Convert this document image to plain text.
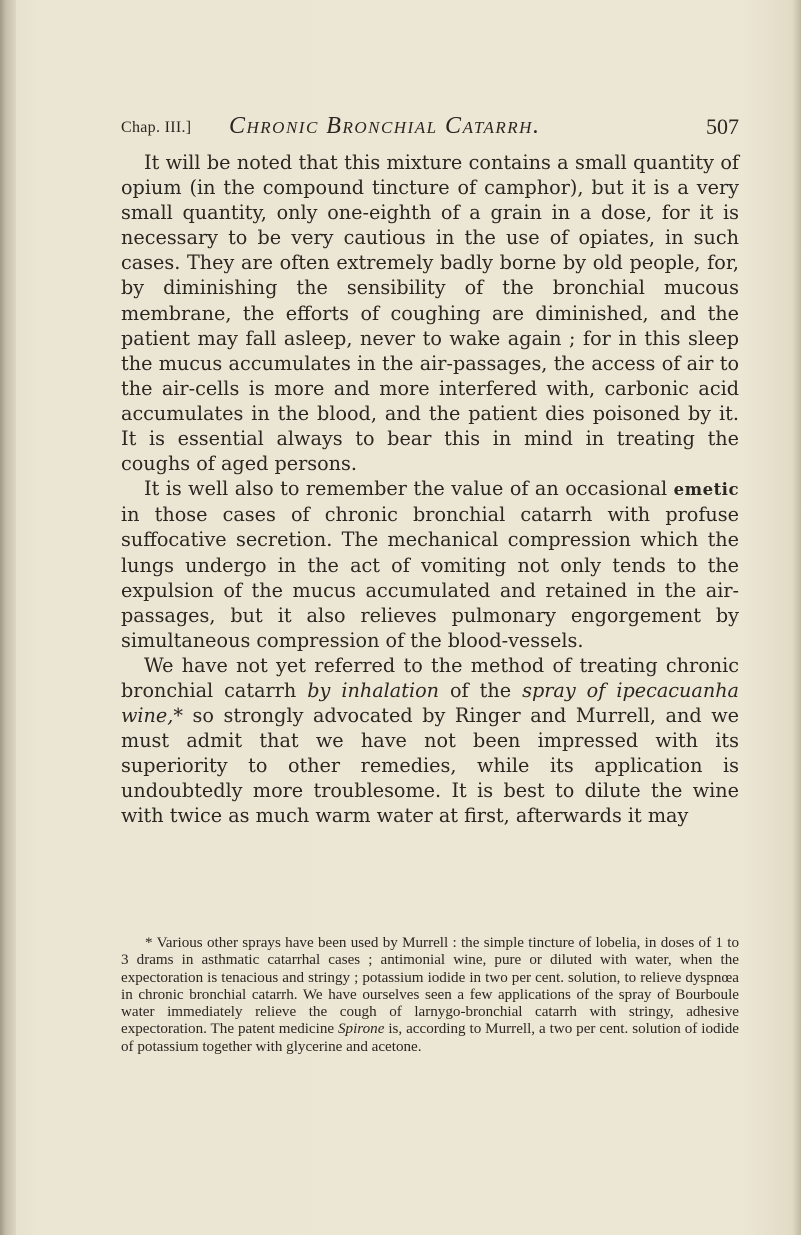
Chap. III.] Chronic Bronchial Catarrh.	507

It will be noted that this mixture contains a small quantity of opium (in the compound tincture of camphor), but it is a very small quantity, only one-eighth of a grain in a dose, for it is necessary to be very cautious in the use of opiates, in such cases. They are often extremely badly borne by old people, for, by diminishing the sensibility of the bronchial mucous membrane, the efforts of coughing are diminished, and the patient may fall asleep, never to wake again ; for in this sleep the mucus accumulates in the air-passages, the access of air to the air-cells is more and more interfered with, carbonic acid accumulates in the blood, and the patient dies poisoned by it. It is essential always to bear this in mind in treating the coughs of aged persons.

It is well also to remember the value of an occasional emetic in those cases of chronic bronchial catarrh with profuse suffocative secretion. The mechanical compression which the lungs undergo in the act of vomiting not only tends to the expulsion of the mucus accumulated and retained in the air-passages, but it also relieves pulmonary engorgement by simultaneous compression of the blood-vessels.

We have not yet referred to the method of treating chronic bronchial catarrh by inhalation of the spray of ipecacuanha wine,* so strongly advocated by Ringer and Murrell, and we must admit that we have not been impressed with its superiority to other remedies, while its application is undoubtedly more troublesome. It is best to dilute the wine with twice as much warm water at first, afterwards it may

* Various other sprays have been used by Murrell : the simple tincture of lobelia, in doses of 1 to 3 drams in asthmatic catarrhal cases ; antimonial wine, pure or diluted with water, when the expectoration is tenacious and stringy ; potassium iodide in two per cent. solution, to relieve dyspnœa in chronic bronchial catarrh. We have ourselves seen a few applications of the spray of Bourboule water immediately relieve the cough of larnygo-bronchial catarrh with stringy, adhesive expectoration. The patent medicine Spirone is, according to Murrell, a two per cent. solution of iodide of potassium together with glycerine and acetone.
